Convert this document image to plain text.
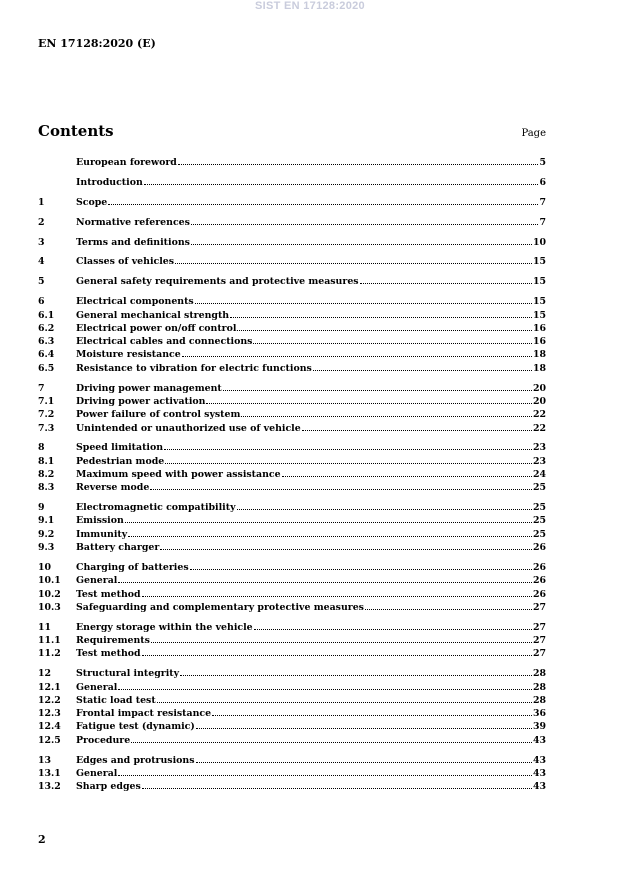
SIST EN 17128:2020
EN 17128:2020 (E)
Contents	Page
European foreword	5
Introduction	6
1	Scope	7
2	Normative references	7
3	Terms and definitions	10
4	Classes of vehicles	15
5	General safety requirements and protective measures	15
6	Electrical components	15
6.1	General mechanical strength	15
6.2	Electrical power on/off control	16
6.3	Electrical cables and connections	16
6.4	Moisture resistance	18
6.5	Resistance to vibration for electric functions	18
7	Driving power management	20
7.1	Driving power activation	20
7.2	Power failure of control system	22
7.3	Unintended or unauthorized use of vehicle	22
8	Speed limitation	23
8.1	Pedestrian mode	23
8.2	Maximum speed with power assistance	24
8.3	Reverse mode	25
9	Electromagnetic compatibility	25
9.1	Emission	25
9.2	Immunity	25
9.3	Battery charger	26
10	Charging of batteries	26
10.1	General	26
10.2	Test method	26
10.3	Safeguarding and complementary protective measures	27
11	Energy storage within the vehicle	27
11.1	Requirements	27
11.2	Test method	27
12	Structural integrity	28
12.1	General	28
12.2	Static load test	28
12.3	Frontal impact resistance	36
12.4	Fatigue test (dynamic)	39
12.5	Procedure	43
13	Edges and protrusions	43
13.1	General	43
13.2	Sharp edges	43
2
